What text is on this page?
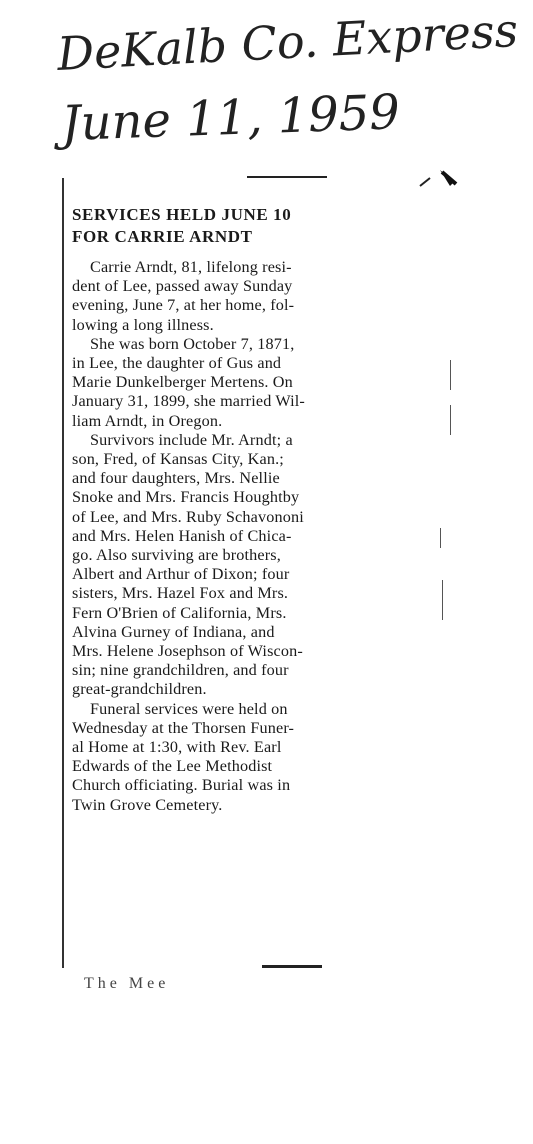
DeKalb Co. Express
June 11, 1959
SERVICES HELD JUNE 10
FOR CARRIE ARNDT

Carrie Arndt, 81, lifelong resi-
dent of Lee, passed away Sunday
evening, June 7, at her home, fol-
lowing a long illness.

She was born October 7, 1871,
in Lee, the daughter of Gus and
Marie Dunkelberger Mertens. On
January 31, 1899, she married Wil-
liam Arndt, in Oregon.

Survivors include Mr. Arndt; a
son, Fred, of Kansas City, Kan.;
and four daughters, Mrs. Nellie
Snoke and Mrs. Francis Houghtby
of Lee, and Mrs. Ruby Schavononi
and Mrs. Helen Hanish of Chica-
go. Also surviving are brothers,
Albert and Arthur of Dixon; four
sisters, Mrs. Hazel Fox and Mrs.
Fern O'Brien of California, Mrs.
Alvina Gurney of Indiana, and
Mrs. Helene Josephson of Wiscon-
sin; nine grandchildren, and four
great-grandchildren.

Funeral services were held on
Wednesday at the Thorsen Funer-
al Home at 1:30, with Rev. Earl
Edwards of the Lee Methodist
Church officiating. Burial was in
Twin Grove Cemetery.

The Mee
